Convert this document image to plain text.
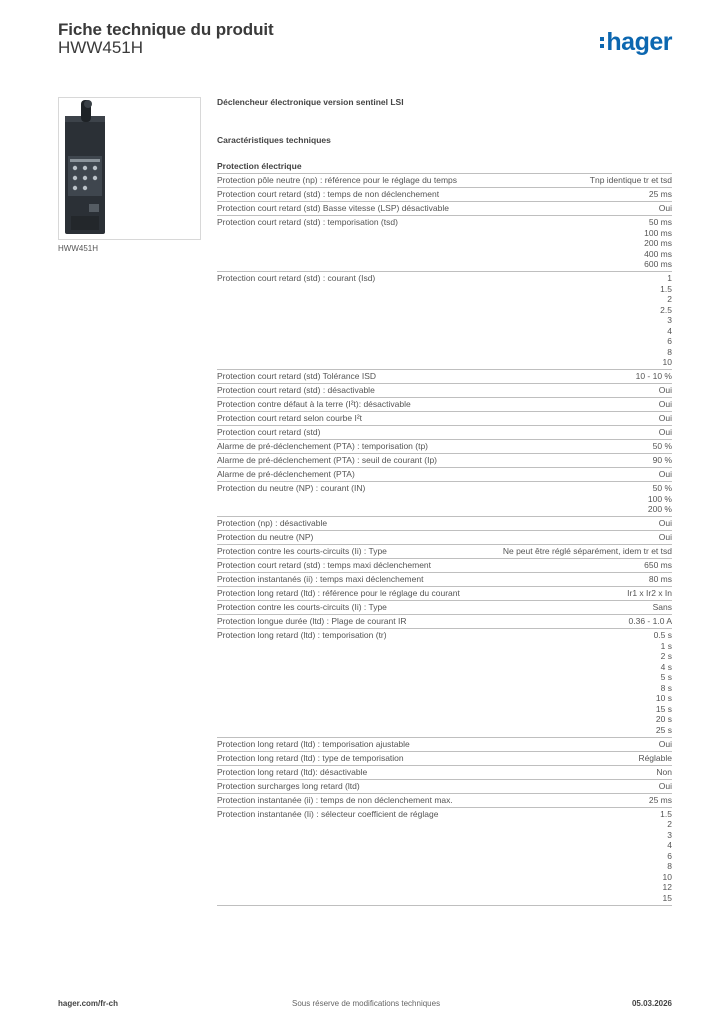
Fiche technique du produit
HWW451H	hager
HWW451H
Déclencheur électronique version sentinel LSI
Caractéristiques techniques
Protection électrique
Protection pôle neutre (np) : référence pour le réglage du temps	Tnp identique tr et tsd
Protection court retard (std) : temps de non déclenchement	25 ms
Protection court retard (std) Basse vitesse (LSP) désactivable	Oui
Protection court retard (std) : temporisation (tsd)	50 ms
100 ms
200 ms
400 ms
600 ms
Protection court retard (std) : courant (Isd)	1
1.5
2
2.5
3
4
6
8
10
Protection court retard (std) Tolérance ISD	10 - 10 %
Protection court retard (std) : désactivable	Oui
Protection contre défaut à la terre (I²t): désactivable	Oui
Protection court retard selon courbe I²t	Oui
Protection court retard (std)	Oui
Alarme de pré-déclenchement (PTA) : temporisation (tp)	50 %
Alarme de pré-déclenchement (PTA) : seuil de courant (Ip)	90 %
Alarme de pré-déclenchement (PTA)	Oui
Protection du neutre (NP) : courant (IN)	50 %
100 %
200 %
Protection (np) : désactivable	Oui
Protection du neutre (NP)	Oui
Protection contre les courts-circuits (Ii) : Type	Ne peut être réglé séparément, idem tr et tsd
Protection court retard (std) : temps maxi déclenchement	650 ms
Protection instantanés (ii) : temps maxi déclenchement	80 ms
Protection long retard (ltd) : référence pour le réglage du courant	Ir1 x Ir2 x In
Protection contre les courts-circuits (Ii) : Type	Sans
Protection longue durée (ltd) : Plage de courant IR	0.36 - 1.0 A
Protection long retard (ltd) : temporisation (tr)	0.5 s
1 s
2 s
4 s
5 s
8 s
10 s
15 s
20 s
25 s
Protection long retard (ltd) : temporisation ajustable	Oui
Protection long retard (ltd) : type de temporisation	Réglable
Protection long retard (ltd): désactivable	Non
Protection surcharges long retard (ltd)	Oui
Protection instantanée (ii) : temps de non déclenchement max.	25 ms
Protection instantanée (Ii) : sélecteur coefficient de réglage	1.5
2
3
4
6
8
10
12
15
hager.com/fr-ch	Sous réserve de modifications techniques	05.03.2026
